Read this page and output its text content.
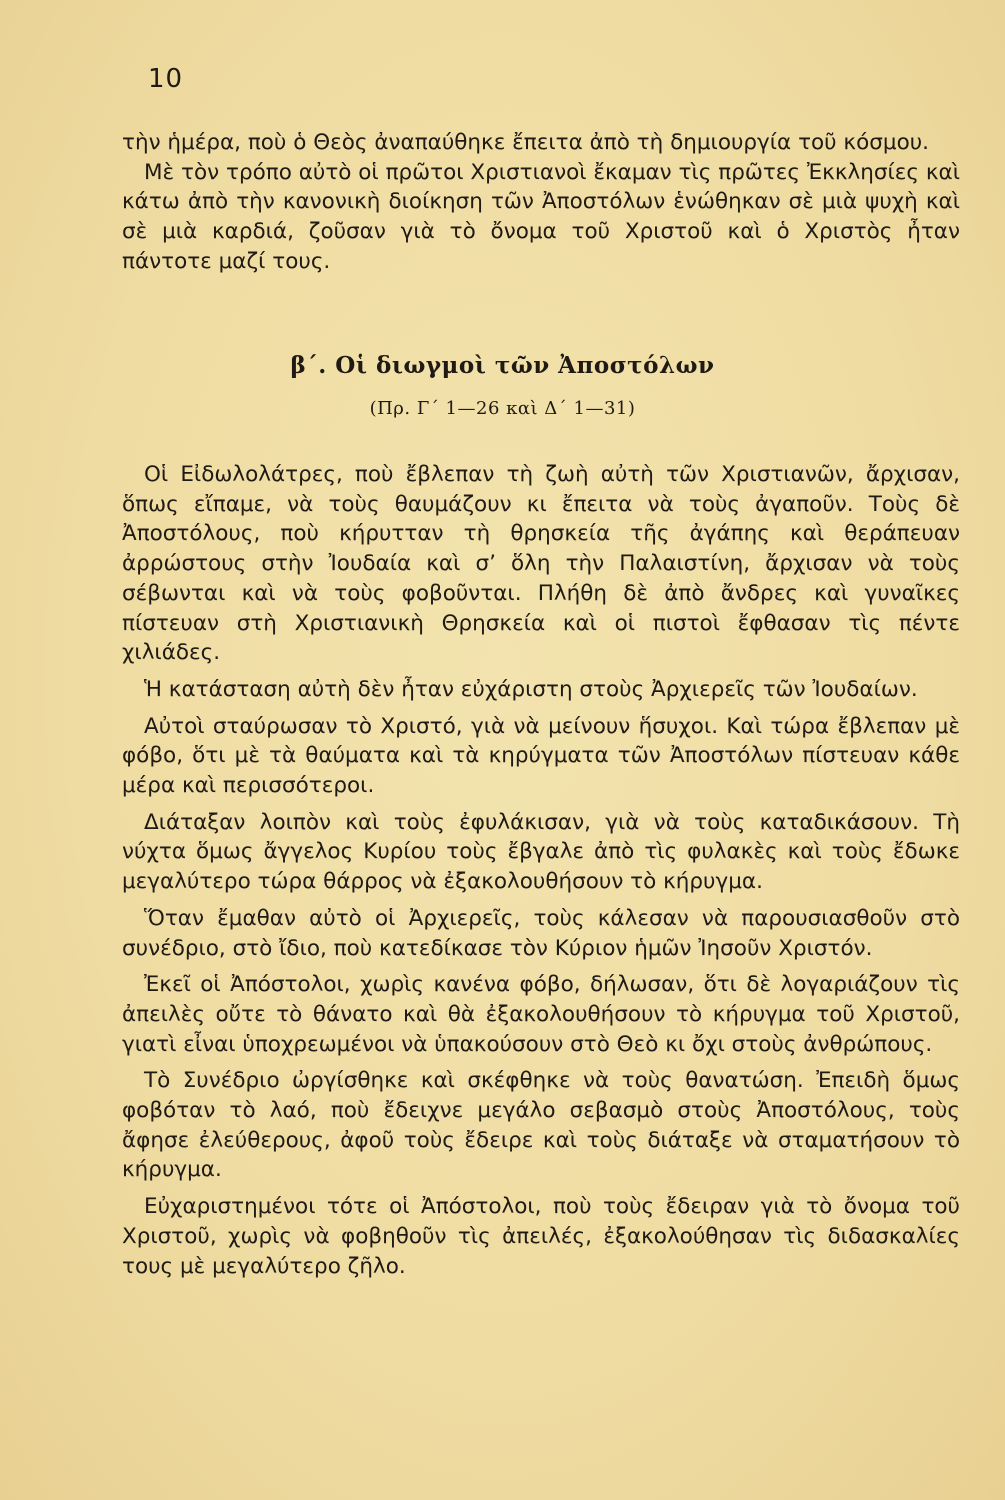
10

τὴν ἡμέρα, ποὺ ὁ Θεὸς ἀναπαύθηκε ἔπειτα ἀπὸ τὴ δημιουργία τοῦ κόσμου.

Μὲ τὸν τρόπο αὐτὸ οἱ πρῶτοι Χριστιανοὶ ἔκαμαν τὶς πρῶτες Ἐκκλησίες καὶ κάτω ἀπὸ τὴν κανονικὴ διοίκηση τῶν Ἀποστόλων ἑνώθηκαν σὲ μιὰ ψυχὴ καὶ σὲ μιὰ καρδιά, ζοῦσαν γιὰ τὸ ὄνομα τοῦ Χριστοῦ καὶ ὁ Χριστὸς ἦταν πάντοτε μαζί τους.

β΄. Οἱ διωγμοὶ τῶν Ἀποστόλων
(Πρ. Γ΄ 1—26 καὶ Δ΄ 1—31)

Οἱ Εἰδωλολάτρες, ποὺ ἔβλεπαν τὴ ζωὴ αὐτὴ τῶν Χριστιανῶν, ἄρχισαν, ὅπως εἴπαμε, νὰ τοὺς θαυμάζουν κι ἔπειτα νὰ τοὺς ἀγαποῦν. Τοὺς δὲ Ἀποστόλους, ποὺ κήρυτταν τὴ θρησκεία τῆς ἀγάπης καὶ θεράπευαν ἀρρώστους στὴν Ἰουδαία καὶ σ’ ὅλη τὴν Παλαιστίνη, ἄρχισαν νὰ τοὺς σέβωνται καὶ νὰ τοὺς φοβοῦνται. Πλήθη δὲ ἀπὸ ἄνδρες καὶ γυναῖκες πίστευαν στὴ Χριστιανικὴ Θρησκεία καὶ οἱ πιστοὶ ἔφθασαν τὶς πέντε χιλιάδες.

Ἡ κατάσταση αὐτὴ δὲν ἦταν εὐχάριστη στοὺς Ἀρχιερεῖς τῶν Ἰουδαίων.

Αὐτοὶ σταύρωσαν τὸ Χριστό, γιὰ νὰ μείνουν ἥσυχοι. Καὶ τώρα ἔβλεπαν μὲ φόβο, ὅτι μὲ τὰ θαύματα καὶ τὰ κηρύγματα τῶν Ἀποστόλων πίστευαν κάθε μέρα καὶ περισσότεροι.

Διάταξαν λοιπὸν καὶ τοὺς ἐφυλάκισαν, γιὰ νὰ τοὺς καταδικάσουν. Τὴ νύχτα ὅμως ἄγγελος Κυρίου τοὺς ἔβγαλε ἀπὸ τὶς φυλακὲς καὶ τοὺς ἔδωκε μεγαλύτερο τώρα θάρρος νὰ ἐξακολουθήσουν τὸ κήρυγμα.

Ὅταν ἔμαθαν αὐτὸ οἱ Ἀρχιερεῖς, τοὺς κάλεσαν νὰ παρουσιασθοῦν στὸ συνέδριο, στὸ ἴδιο, ποὺ κατεδίκασε τὸν Κύριον ἡμῶν Ἰησοῦν Χριστόν.

Ἐκεῖ οἱ Ἀπόστολοι, χωρὶς κανένα φόβο, δήλωσαν, ὅτι δὲ λογαριάζουν τὶς ἀπειλὲς οὔτε τὸ θάνατο καὶ θὰ ἐξακολουθήσουν τὸ κήρυγμα τοῦ Χριστοῦ, γιατὶ εἶναι ὑποχρεωμένοι νὰ ὑπακούσουν στὸ Θεὸ κι ὄχι στοὺς ἀνθρώπους.

Τὸ Συνέδριο ὠργίσθηκε καὶ σκέφθηκε νὰ τοὺς θανατώση. Ἐπειδὴ ὅμως φοβόταν τὸ λαό, ποὺ ἔδειχνε μεγάλο σεβασμὸ στοὺς Ἀποστόλους, τοὺς ἄφησε ἐλεύθερους, ἀφοῦ τοὺς ἔδειρε καὶ τοὺς διάταξε νὰ σταματήσουν τὸ κήρυγμα.

Εὐχαριστημένοι τότε οἱ Ἀπόστολοι, ποὺ τοὺς ἔδειραν γιὰ τὸ ὄνομα τοῦ Χριστοῦ, χωρὶς νὰ φοβηθοῦν τὶς ἀπειλές, ἐξακολούθησαν τὶς διδασκαλίες τους μὲ μεγαλύτερο ζῆλο.
